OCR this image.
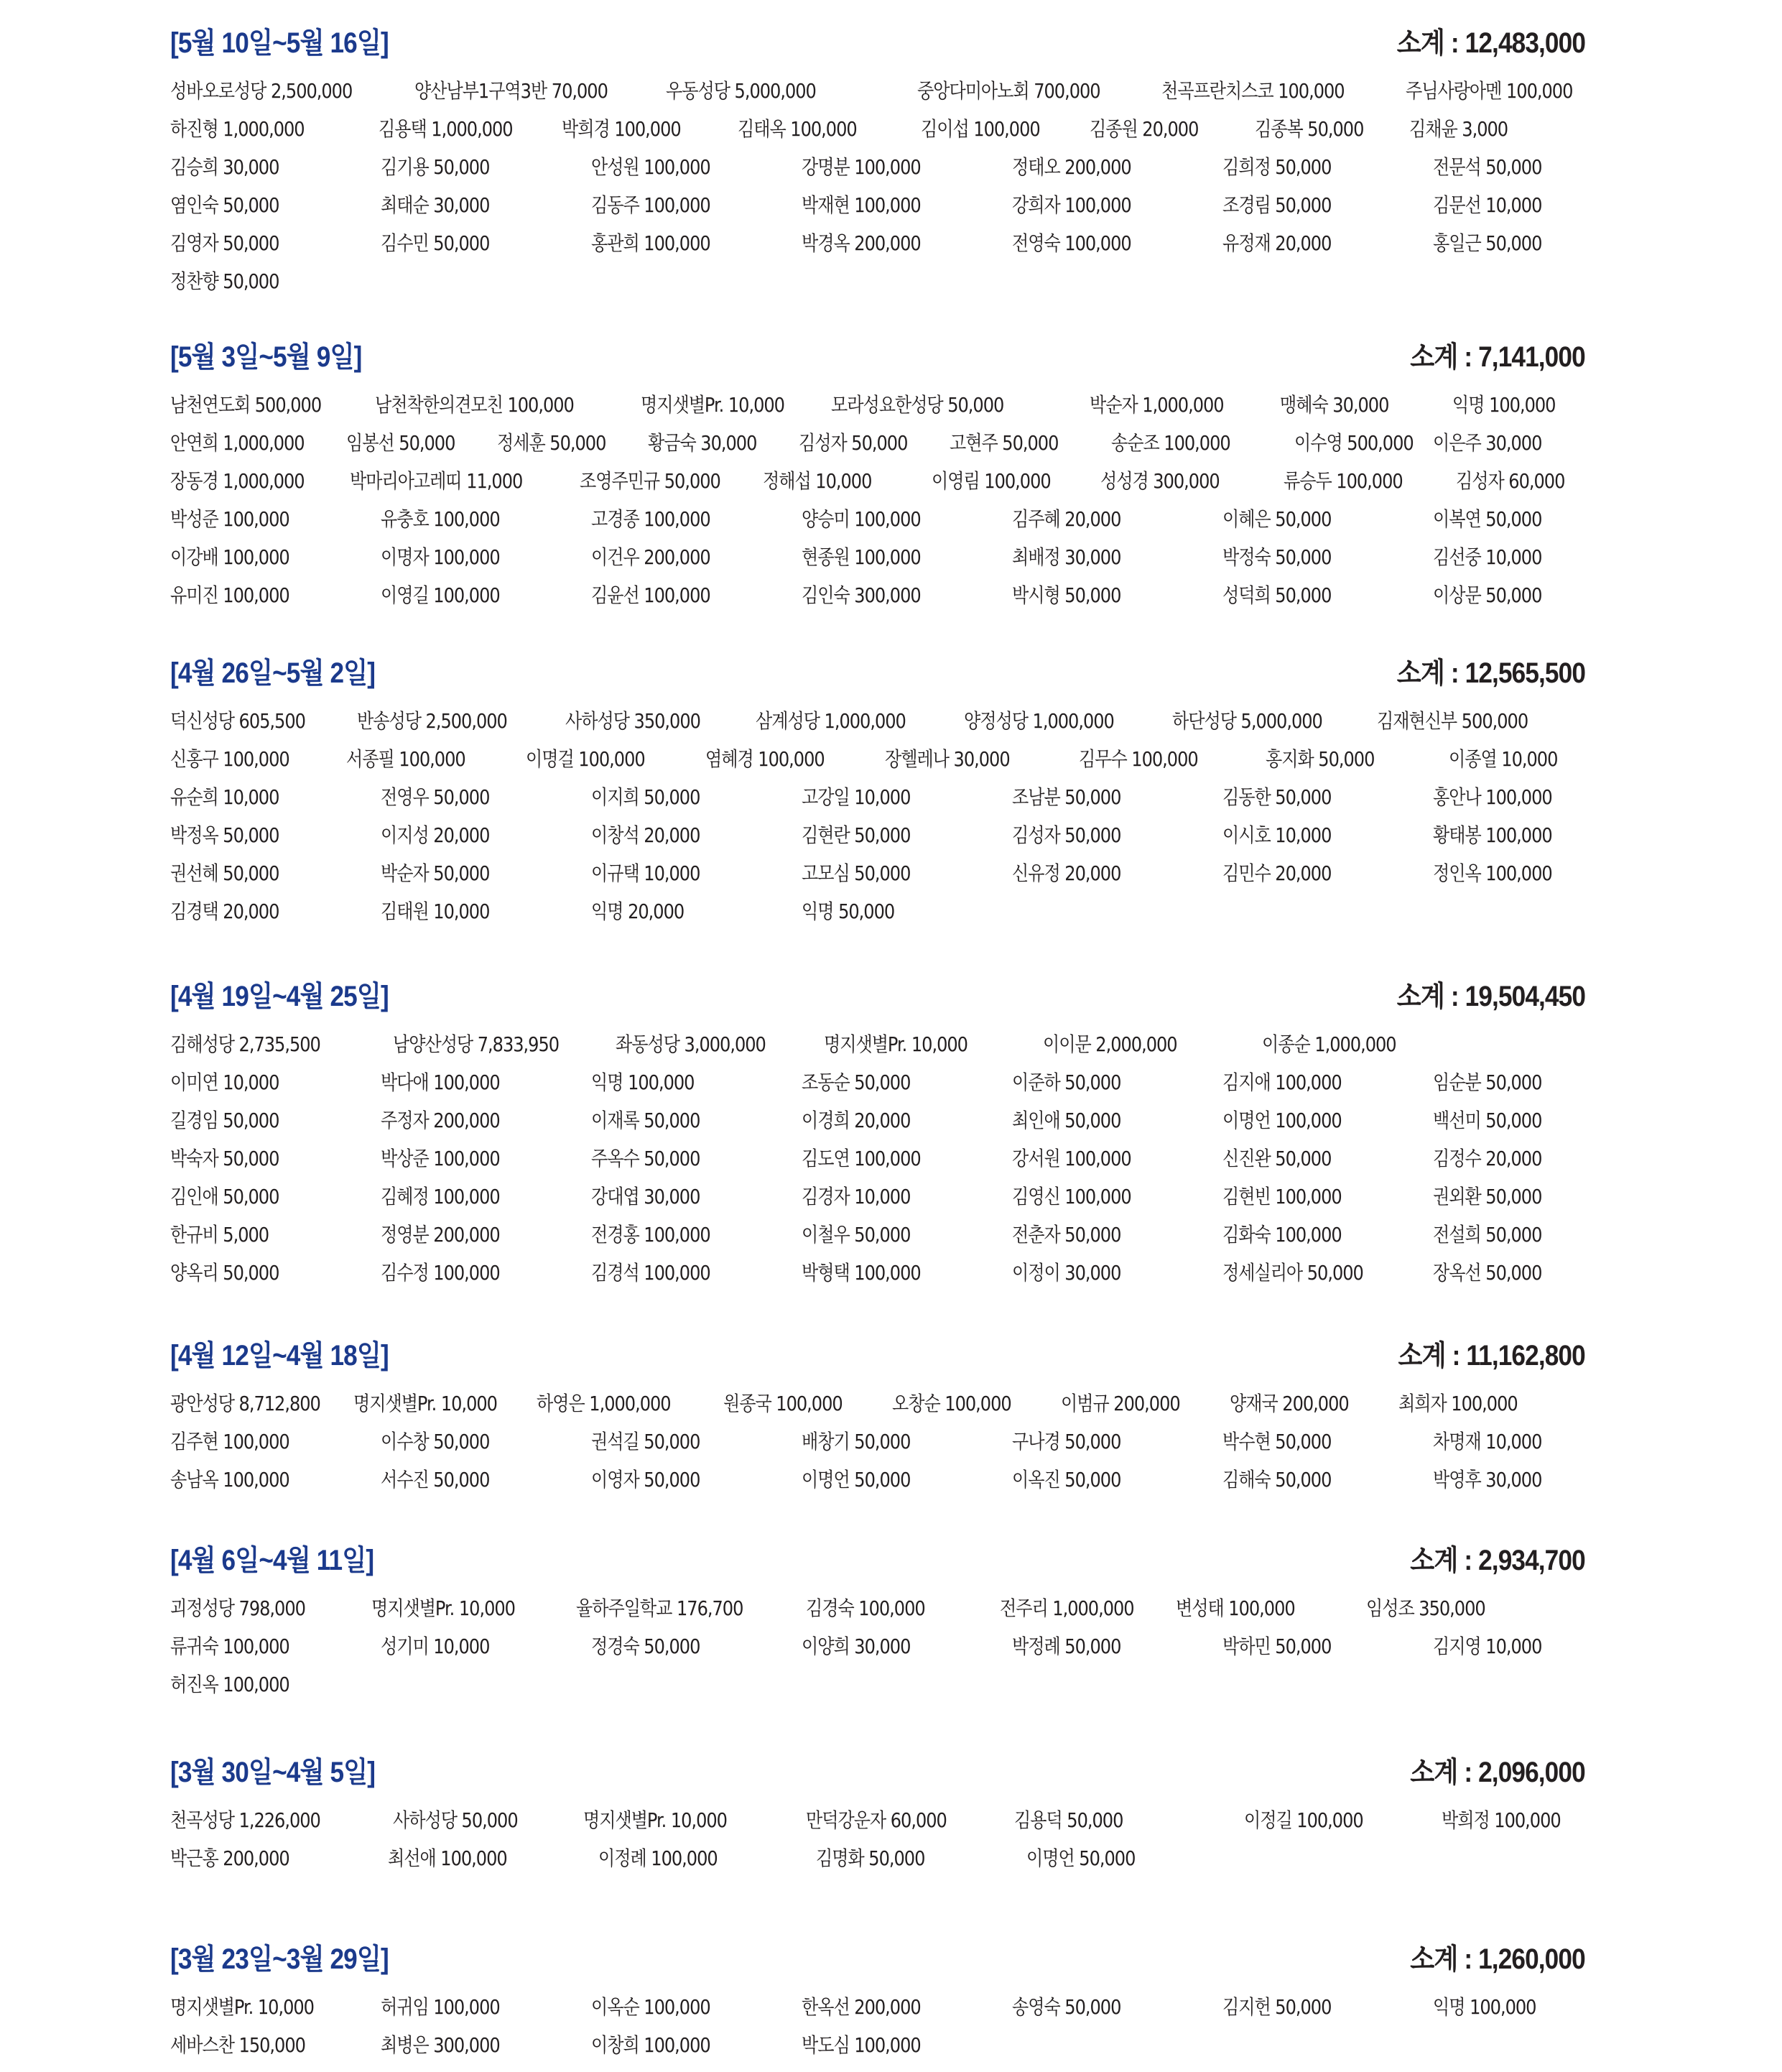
[5월 10일~5월 16일]	소계 : 12,483,000
성바오로성당 2,500,000	양산남부1구역3반 70,000	우동성당 5,000,000	중앙다미아노회 700,000	천곡프란치스코 100,000	주님사랑아멘 100,000
하진형 1,000,000	김용택 1,000,000	박희경 100,000	김태옥 100,000	김이섭 100,000	김종원 20,000	김종복 50,000	김채윤 3,000
김승희 30,000	김기용 50,000	안성원 100,000	강명분 100,000	정태오 200,000	김희정 50,000	전문석 50,000
염인숙 50,000	최태순 30,000	김동주 100,000	박재현 100,000	강희자 100,000	조경림 50,000	김문선 10,000
김영자 50,000	김수민 50,000	홍관희 100,000	박경옥 200,000	전영숙 100,000	유정재 20,000	홍일근 50,000
정찬향 50,000
[5월 3일~5월 9일]	소계 : 7,141,000
남천연도회 500,000	남천착한의견모친 100,000	명지샛별Pr. 10,000	모라성요한성당 50,000	박순자 1,000,000	맹혜숙 30,000	익명 100,000
안연희 1,000,000	임봉선 50,000	정세훈 50,000	황금숙 30,000	김성자 50,000	고현주 50,000	송순조 100,000	이수영 500,000 이은주 30,000
장동경 1,000,000	박마리아고레띠 11,000	조영주민규 50,000	정해섭 10,000	이영림 100,000	성성경 300,000	류승두 100,000	김성자 60,000
박성준 100,000	유충호 100,000	고경종 100,000	양승미 100,000	김주혜 20,000	이혜은 50,000	이복연 50,000
이강배 100,000	이명자 100,000	이건우 200,000	현종원 100,000	최배정 30,000	박정숙 50,000	김선중 10,000
유미진 100,000	이영길 100,000	김윤선 100,000	김인숙 300,000	박시형 50,000	성덕희 50,000	이상문 50,000
[4월 26일~5월 2일]	소계 : 12,565,500
덕신성당 605,500	반송성당 2,500,000	사하성당 350,000	삼계성당 1,000,000	양정성당 1,000,000	하단성당 5,000,000	김재현신부 500,000
신홍구 100,000	서종필 100,000	이명걸 100,000	염혜경 100,000	장헬레나 30,000	김무수 100,000	홍지화 50,000	이종열 10,000
유순희 10,000	전영우 50,000	이지희 50,000	고강일 10,000	조남분 50,000	김동한 50,000	홍안나 100,000
박정옥 50,000	이지성 20,000	이창석 20,000	김현란 50,000	김성자 50,000	이시호 10,000	황태봉 100,000
권선혜 50,000	박순자 50,000	이규택 10,000	고모심 50,000	신유정 20,000	김민수 20,000	정인옥 100,000
김경택 20,000	김태원 10,000	익명 20,000	익명 50,000
[4월 19일~4월 25일]	소계 : 19,504,450
김해성당 2,735,500	남양산성당 7,833,950	좌동성당 3,000,000	명지샛별Pr. 10,000	이이문 2,000,000	이종순 1,000,000
이미연 10,000	박다애 100,000	익명 100,000	조동순 50,000	이준하 50,000	김지애 100,000	임순분 50,000
길경임 50,000	주정자 200,000	이재록 50,000	이경희 20,000	최인애 50,000	이명언 100,000	백선미 50,000
박숙자 50,000	박상준 100,000	주옥수 50,000	김도연 100,000	강서원 100,000	신진완 50,000	김정수 20,000
김인애 50,000	김혜정 100,000	강대엽 30,000	김경자 10,000	김영신 100,000	김현빈 100,000	권외환 50,000
한규비 5,000	정영분 200,000	전경홍 100,000	이철우 50,000	전춘자 50,000	김화숙 100,000	전설희 50,000
양옥리 50,000	김수정 100,000	김경석 100,000	박형택 100,000	이정이 30,000	정세실리아 50,000	장옥선 50,000
[4월 12일~4월 18일]	소계 : 11,162,800
광안성당 8,712,800	명지샛별Pr. 10,000	하영은 1,000,000	원종국 100,000	오창순 100,000	이범규 200,000	양재국 200,000	최희자 100,000
김주현 100,000	이수창 50,000	권석길 50,000	배창기 50,000	구나경 50,000	박수현 50,000	차명재 10,000
송남옥 100,000	서수진 50,000	이영자 50,000	이명언 50,000	이옥진 50,000	김해숙 50,000	박영후 30,000
[4월 6일~4월 11일]	소계 : 2,934,700
괴정성당 798,000	명지샛별Pr. 10,000	율하주일학교 176,700	김경숙 100,000	전주리 1,000,000	변성태 100,000	임성조 350,000
류귀숙 100,000	성기미 10,000	정경숙 50,000	이양희 30,000	박정례 50,000	박하민 50,000	김지영 10,000
허진옥 100,000
[3월 30일~4월 5일]	소계 : 2,096,000
천곡성당 1,226,000	사하성당 50,000	명지샛별Pr. 10,000	만덕강운자 60,000	김용덕 50,000	이정길 100,000	박희정 100,000
박근홍 200,000	최선애 100,000	이정례 100,000	김명화 50,000	이명언 50,000
[3월 23일~3월 29일]	소계 : 1,260,000
명지샛별Pr. 10,000	허귀임 100,000	이옥순 100,000	한옥선 200,000	송영숙 50,000	김지헌 50,000	익명 100,000
세바스찬 150,000	최병은 300,000	이창희 100,000	박도심 100,000
